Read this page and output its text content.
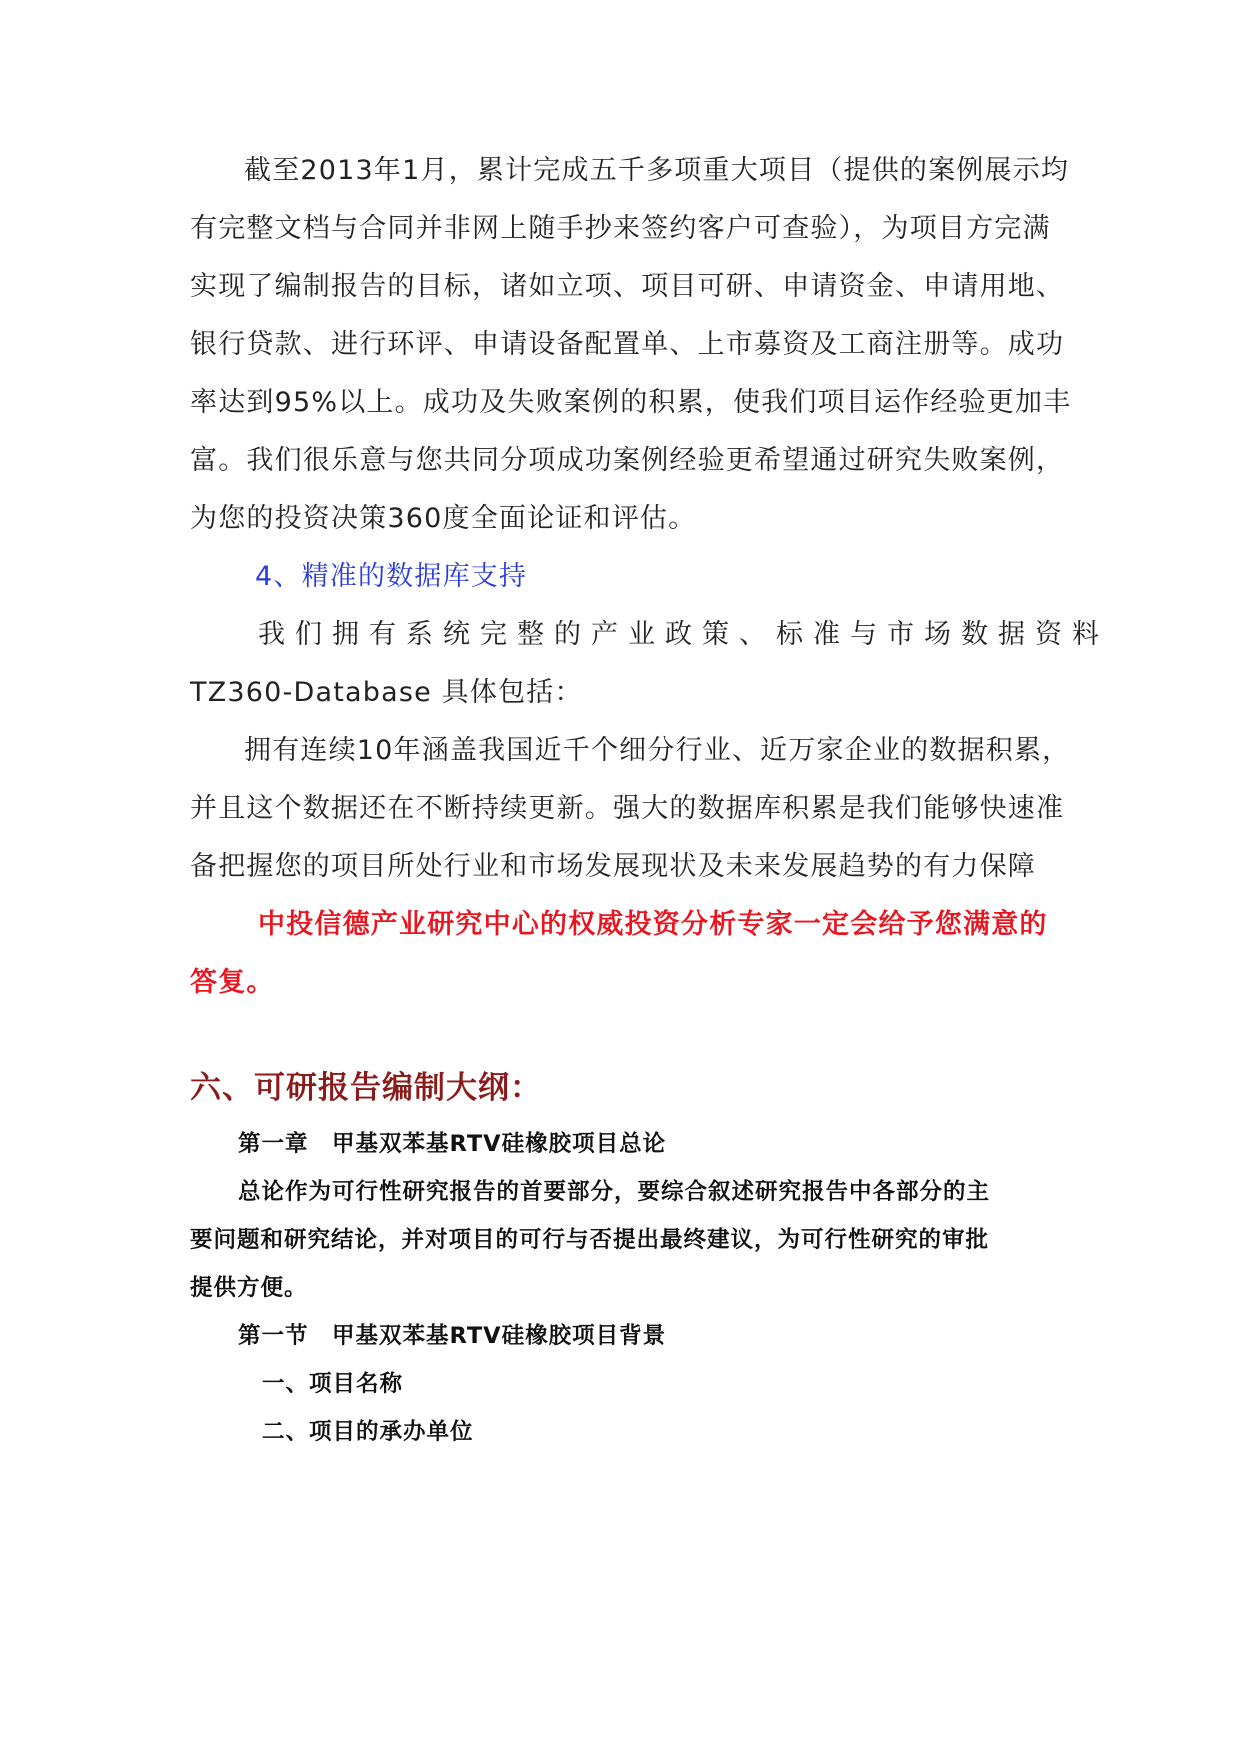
截至2013年1月，累计完成五千多项重大项目（提供的案例展示均
有完整文档与合同并非网上随手抄来签约客户可查验），为项目方完满
实现了编制报告的目标，诸如立项、项目可研、申请资金、申请用地、
银行贷款、进行环评、申请设备配置单、上市募资及工商注册等。成功
率达到95%以上。成功及失败案例的积累，使我们项目运作经验更加丰
富。我们很乐意与您共同分项成功案例经验更希望通过研究失败案例，
为您的投资决策360度全面论证和评估。
4、精准的数据库支持
我们拥有系统完整的产业政策、标准与市场数据资料
TZ360-Database 具体包括：
拥有连续10年涵盖我国近千个细分行业、近万家企业的数据积累，
并且这个数据还在不断持续更新。强大的数据库积累是我们能够快速准
备把握您的项目所处行业和市场发展现状及未来发展趋势的有力保障
中投信德产业研究中心的权威投资分析专家一定会给予您满意的
答复。
六、可研报告编制大纲：
第一章　甲基双苯基RTV硅橡胶项目总论
总论作为可行性研究报告的首要部分，要综合叙述研究报告中各部分的主
要问题和研究结论，并对项目的可行与否提出最终建议，为可行性研究的审批
提供方便。
第一节　甲基双苯基RTV硅橡胶项目背景
一、项目名称
二、项目的承办单位
